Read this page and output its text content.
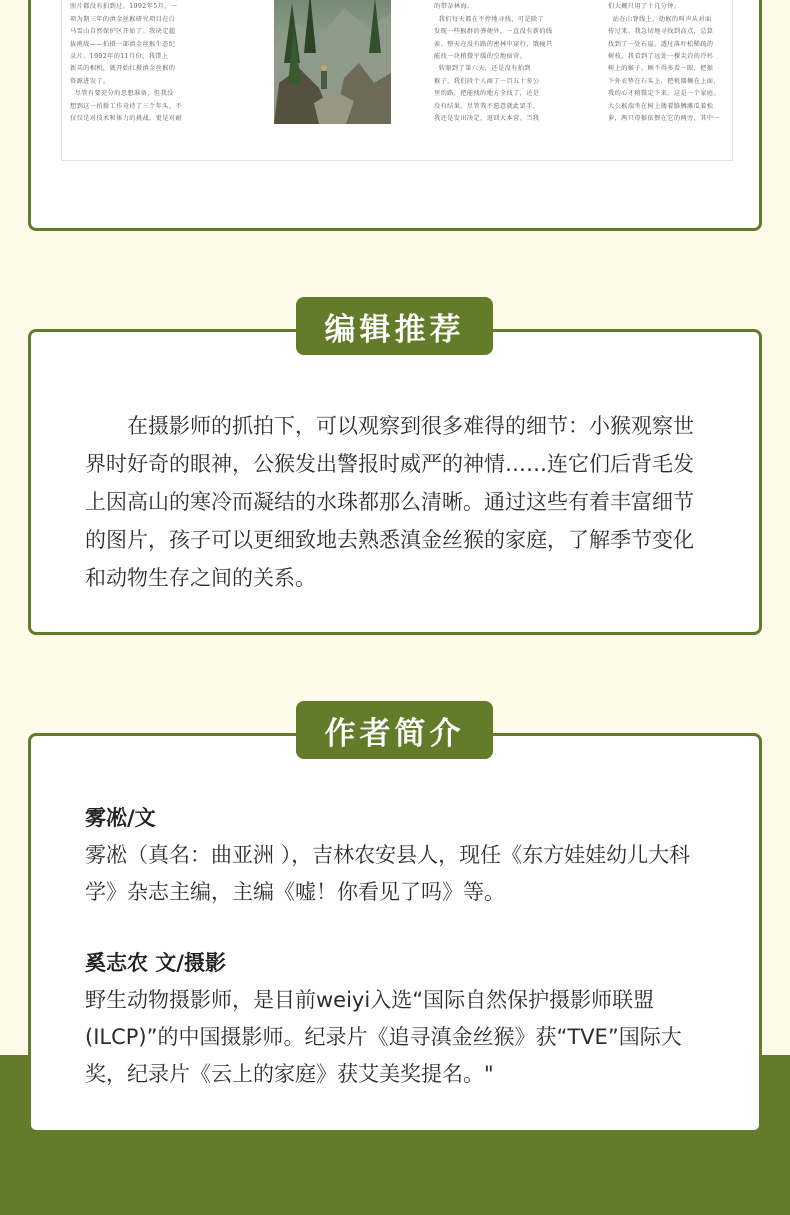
照片都没有拍到过。1992年5月，一
项为期三年的滇金丝猴研究项目在白
马雪山自然保护区开始了。我决定超
拔挑战——拍摄一部滇金丝猴生态纪
录片。1992年的11月份，我带上
新买的相机，就开始扛摄滇金丝猴的
资源进发了。
尽管有要充分的思想准备，但我没
想到这一拍摄工作竟持了三个年头，不
仅仅是对技术和体力的挑战，更是对耐

的带杂林海。
我们每天都在不停地寻找，可是除了
发现一些猴群的粪便外，一直没有新的线
索。整天在没有路的密林中穿行，饿瘦只
能找一块稍微平缓的空地宿营。
转眼到了第六天，还是没有拍到
猴子。我们段个人商了一百五十多公
里的路，把能找的地方全找了，还是
没有结果。尽管我不愿意就此罢手，
我还是发出决定，返回大本营。当我

们大概只用了十几分钟。
站在山脊线上，幼猴的叫声从对面
传过来。我急切地寻找到高点，总算
找到了一处石崖。透过落叶松稀疏的
树枝，我看到了远处一棵尖岩的冷杉
树上的猴子。顾不得多看一眼，把猴
下外衣垫在石头上，把机器搁在上面，
我的心才稍微定下来。这是一个家庭。
大公猴端坐在树上搂着胳膊滩瓜着松
萝，两只母猴依偎在它的两旁，其中一
在摄影师的抓拍下，可以观察到很多难得的细节：小猴观察世界时好奇的眼神，公猴发出警报时威严的神情……连它们后背毛发上因高山的寒冷而凝结的水珠都那么清晰。通过这些有着丰富细节的图片，孩子可以更细致地去熟悉滇金丝猴的家庭，了解季节变化和动物生存之间的关系。
编辑推荐
雾凇/文
雾凇（真名：曲亚洲 ），吉林农安县人，现任《东方娃娃幼儿大科学》杂志主编，主编《嘘！你看见了吗》等。
奚志农 文/摄影
野生动物摄影师，是目前weiyi入选“国际自然保护摄影师联盟(ILCP)”的中国摄影师。纪录片《追寻滇金丝猴》获“TVE”国际大奖，纪录片《云上的家庭》获艾美奖提名。"
作者简介
